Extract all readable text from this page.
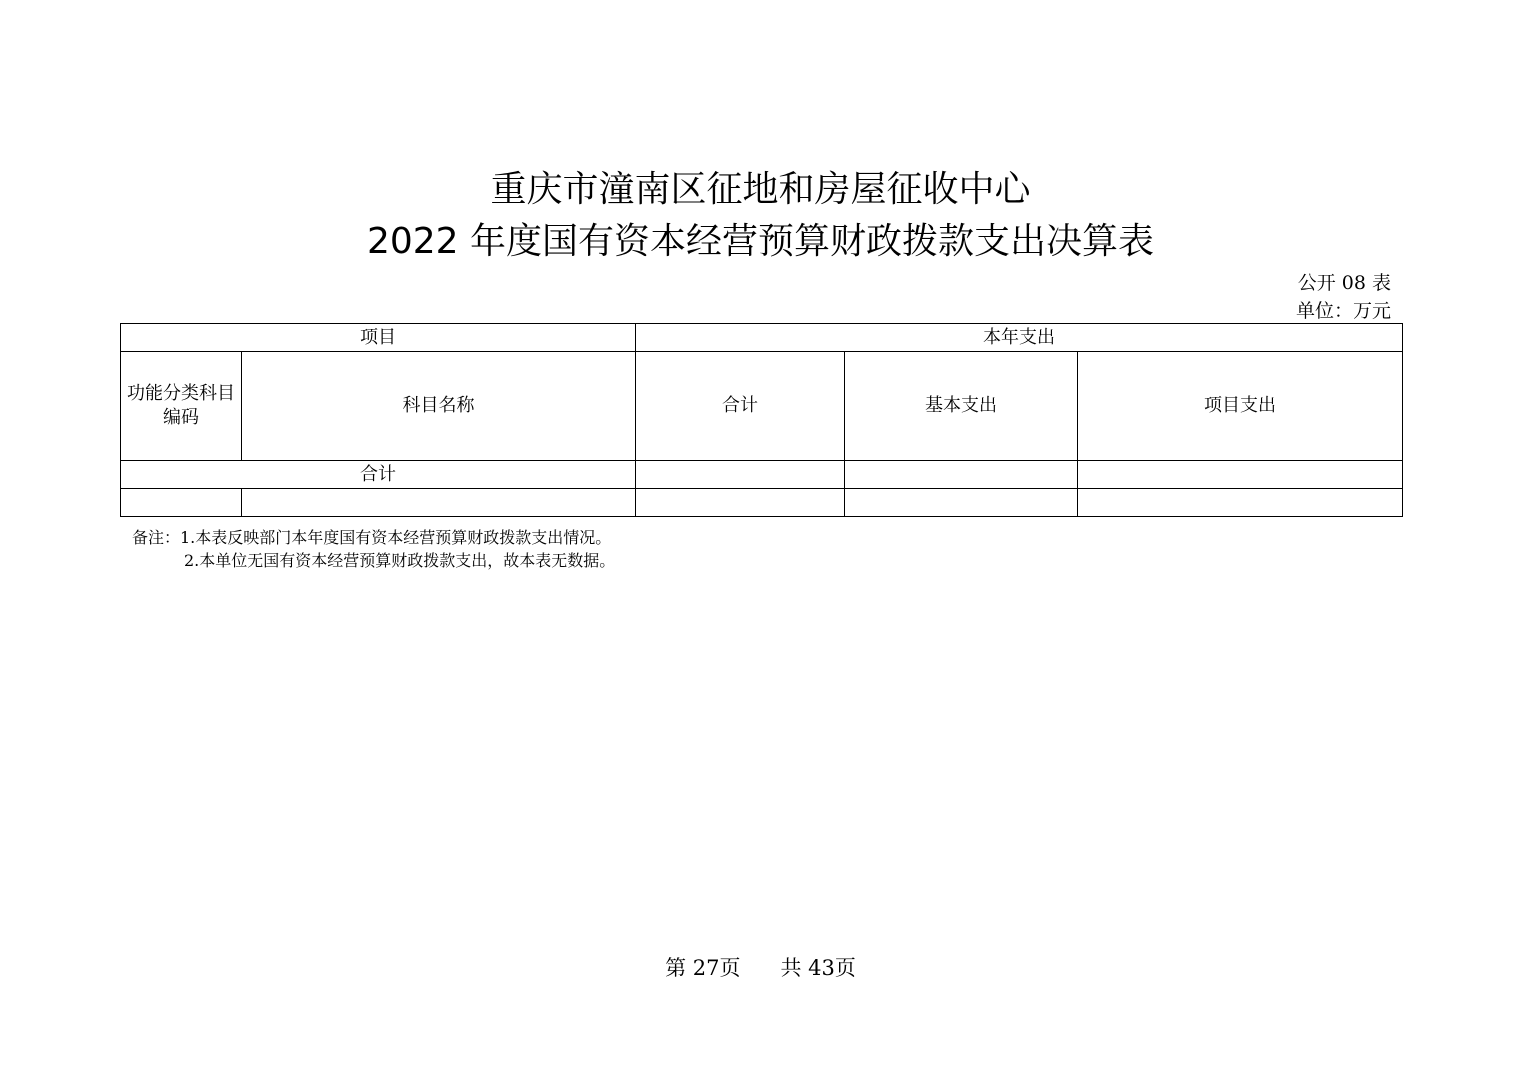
重庆市潼南区征地和房屋征收中心
2022 年度国有资本经营预算财政拨款支出决算表
公开 08 表
单位：万元
项目		本年支出		
功能分类科目编码	科目名称	合计	基本支出	项目支出
合计				

备注：1.本表反映部门本年度国有资本经营预算财政拨款支出情况。
2.本单位无国有资本经营预算财政拨款支出，故本表无数据。
第 27页 共 43页
